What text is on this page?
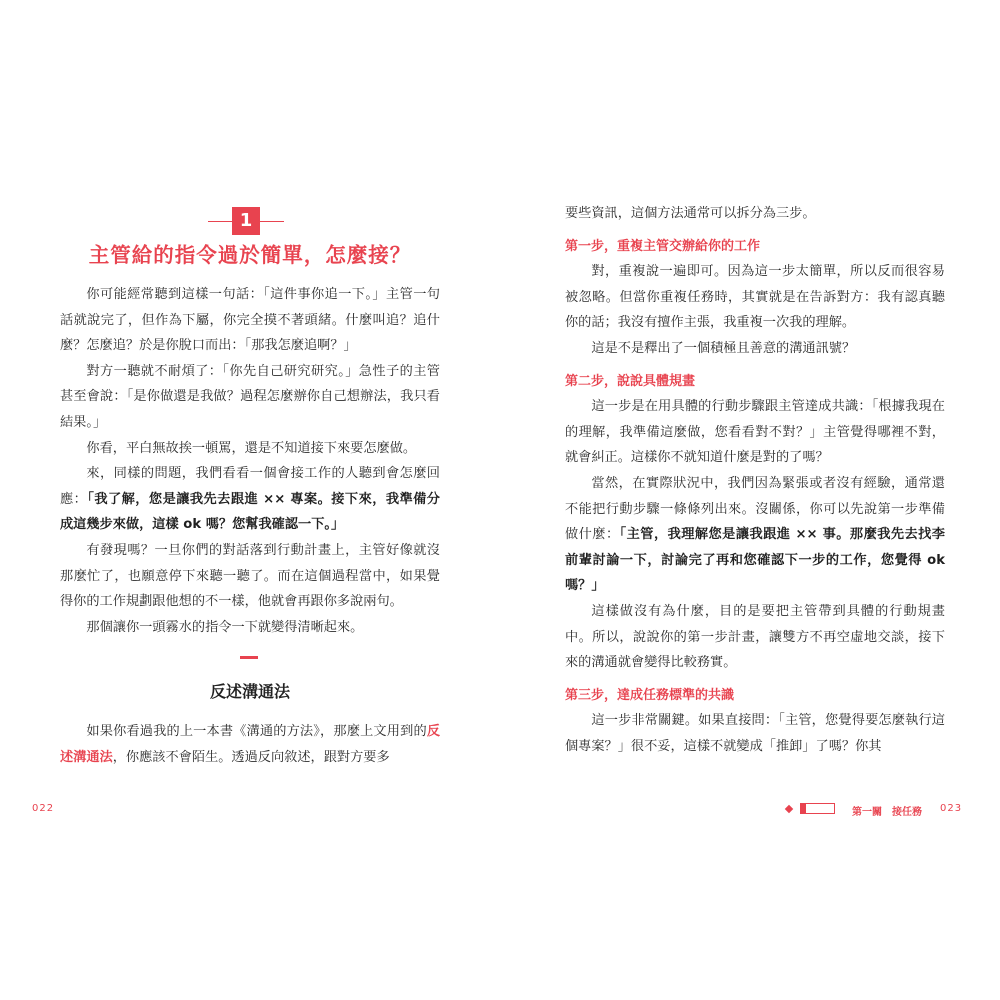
1
主管給的指令過於簡單，怎麼接？

你可能經常聽到這樣一句話：「這件事你追一下。」主管一句話就說完了，但作為下屬，你完全摸不著頭緒。什麼叫追？追什麼？怎麼追？於是你脫口而出：「那我怎麼追啊？」

對方一聽就不耐煩了：「你先自己研究研究。」急性子的主管甚至會說：「是你做還是我做？過程怎麼辦你自己想辦法，我只看結果。」

你看，平白無故挨一頓罵，還是不知道接下來要怎麼做。

來，同樣的問題，我們看看一個會接工作的人聽到會怎麼回應：「我了解，您是讓我先去跟進 ×× 專案。接下來，我準備分成這幾步來做，這樣 ok 嗎？您幫我確認一下。」

有發現嗎？一旦你們的對話落到行動計畫上，主管好像就沒那麼忙了，也願意停下來聽一聽了。而在這個過程當中，如果覺得你的工作規劃跟他想的不一樣，他就會再跟你多說兩句。

那個讓你一頭霧水的指令一下就變得清晰起來。

反述溝通法

如果你看過我的上一本書《溝通的方法》，那麼上文用到的反述溝通法，你應該不會陌生。透過反向敘述，跟對方要多

022

要些資訊，這個方法通常可以拆分為三步。

第一步，重複主管交辦給你的工作

對，重複說一遍即可。因為這一步太簡單，所以反而很容易被忽略。但當你重複任務時，其實就是在告訴對方：我有認真聽你的話；我沒有擅作主張，我重複一次我的理解。

這是不是釋出了一個積極且善意的溝通訊號？

第二步，說說具體規畫

這一步是在用具體的行動步驟跟主管達成共識：「根據我現在的理解，我準備這麼做，您看看對不對？」主管覺得哪裡不對，就會糾正。這樣你不就知道什麼是對的了嗎？

當然，在實際狀況中，我們因為緊張或者沒有經驗，通常還不能把行動步驟一條條列出來。沒關係，你可以先說第一步準備做什麼：「主管，我理解您是讓我跟進 ×× 事。那麼我先去找李前輩討論一下，討論完了再和您確認下一步的工作，您覺得 ok 嗎？」

這樣做沒有為什麼，目的是要把主管帶到具體的行動規畫中。所以，說說你的第一步計畫，讓雙方不再空虛地交談，接下來的溝通就會變得比較務實。

第三步，達成任務標準的共識

這一步非常關鍵。如果直接問：「主管，您覺得要怎麼執行這個專案？」很不妥，這樣不就變成「推卸」了嗎？你其

第一關　接任務 023
